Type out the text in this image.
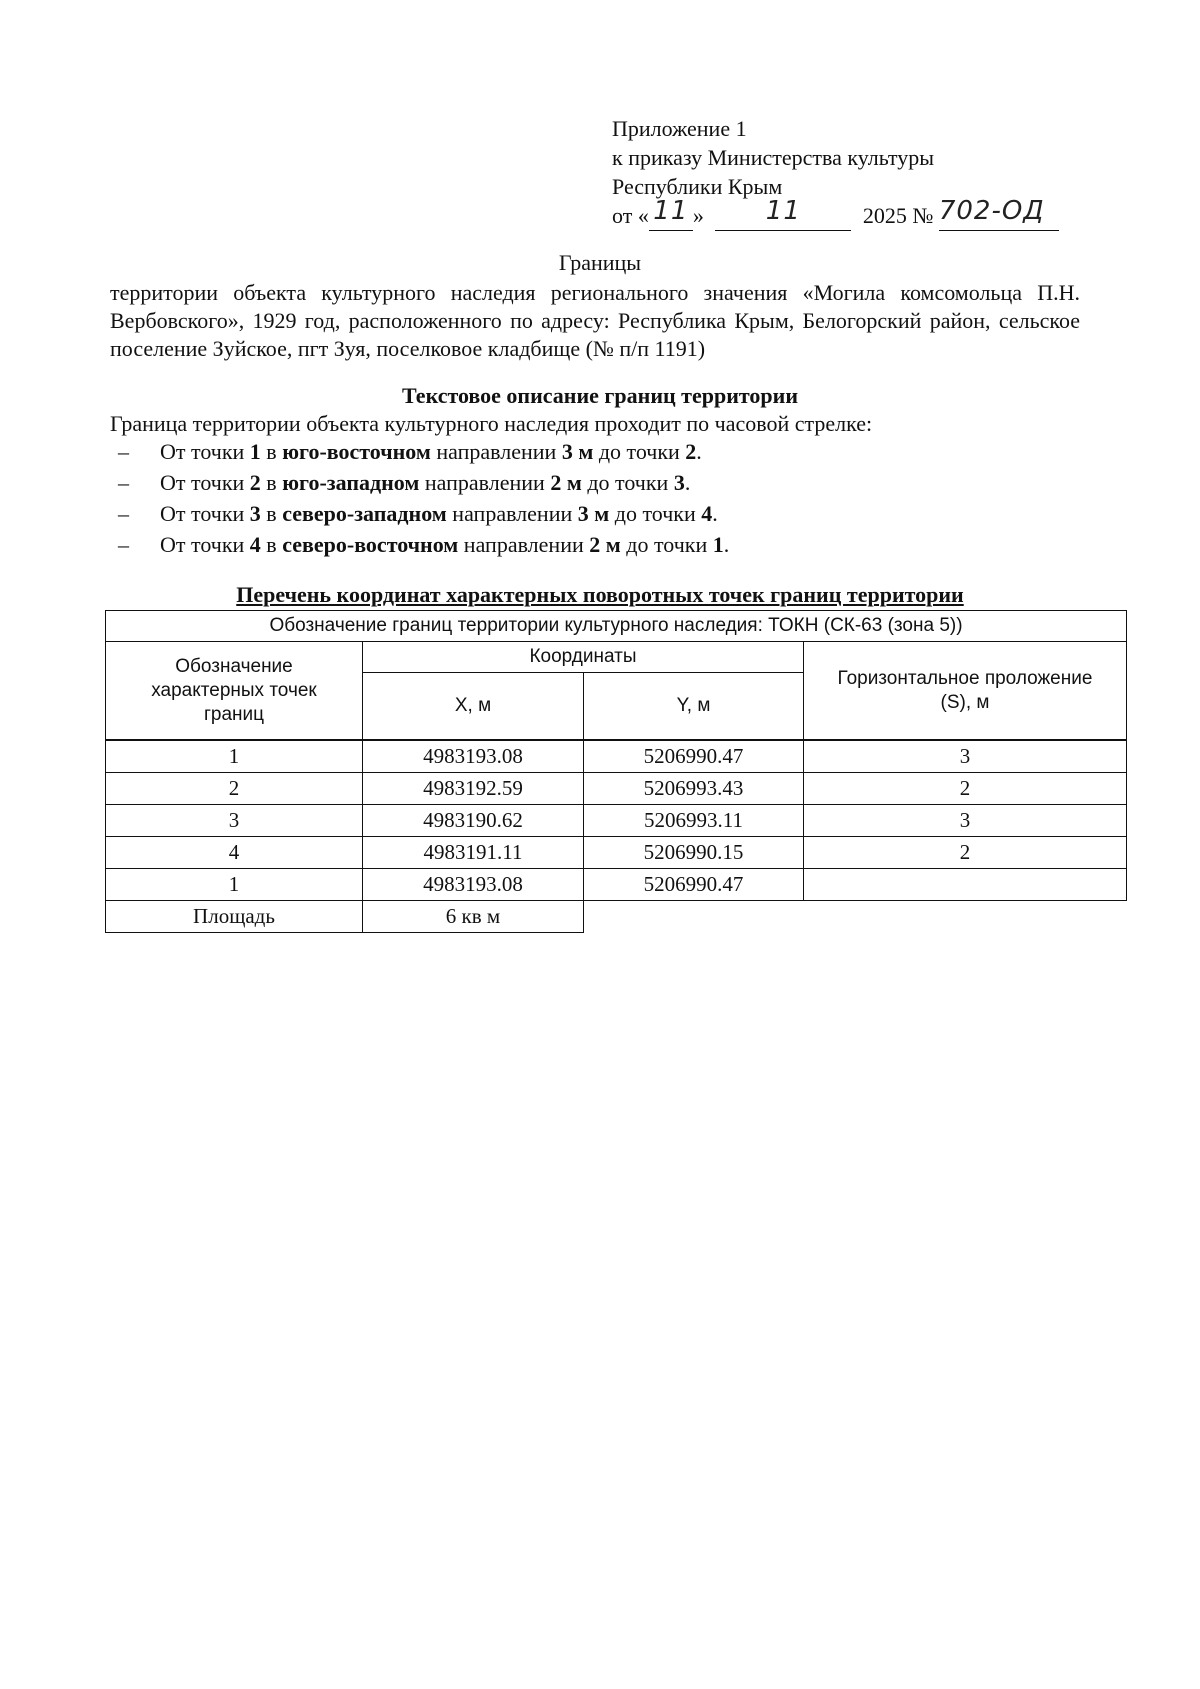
Приложение 1
к приказу Министерства культуры
Республики Крым
от « 11 » 11	2025 № 702-ОД
Границы
территории объекта культурного наследия регионального значения «Могила комсомольца П.Н. Вербовского», 1929 год, расположенного по адресу: Республика Крым, Белогорский район, сельское поселение Зуйское, пгт Зуя, поселковое кладбище (№ п/п 1191)
Текстовое описание границ территории
Граница территории объекта культурного наследия проходит по часовой стрелке:
– От точки 1 в юго-восточном направлении 3 м до точки 2.
– От точки 2 в юго-западном направлении 2 м до точки 3.
– От точки 3 в северо-западном направлении 3 м до точки 4.
– От точки 4 в северо-восточном направлении 2 м до точки 1.
Перечень координат характерных поворотных точек границ территории
Обозначение границ территории культурного наследия: ТОКН (СК-63 (зона 5))			
Обозначение характерных точек границ	Координаты		Горизонтальное проложение (S), м
	X, м	Y, м	
1	4983193.08	5206990.47	3
2	4983192.59	5206993.43	2
3	4983190.62	5206993.11	3
4	4983191.11	5206990.15	2
1	4983193.08	5206990.47	
Площадь	6 кв м		
